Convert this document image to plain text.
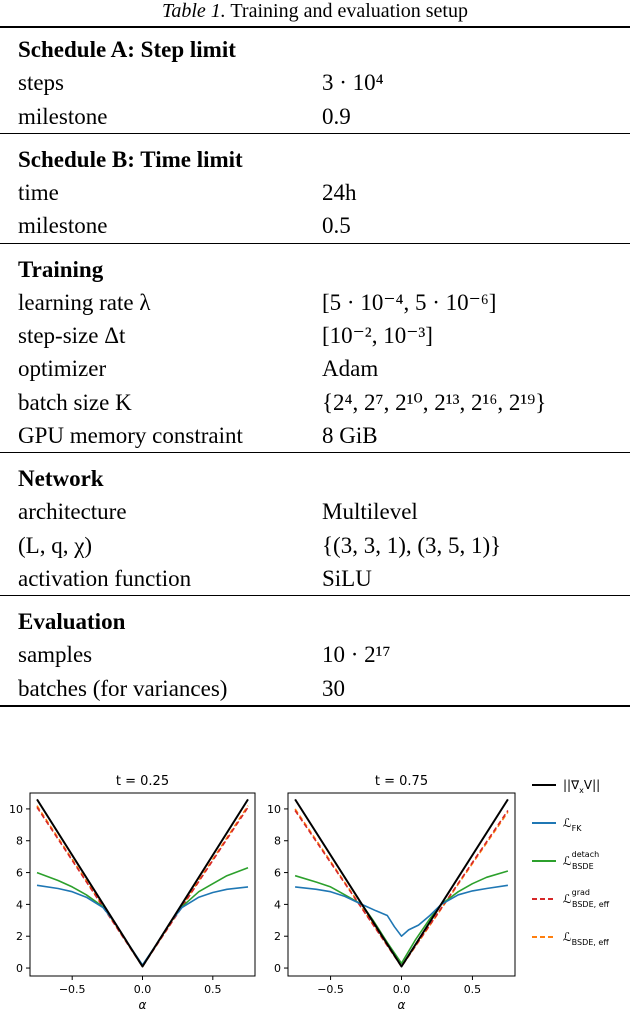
Table 1. Training and evaluation setup
Schedule A: Step limit
steps	3 · 10⁴
milestone	0.9
Schedule B: Time limit
time	24h
milestone	0.5
Training
learning rate λ	[5 · 10⁻⁴, 5 · 10⁻⁶]
step-size Δt	[10⁻², 10⁻³]
optimizer	Adam
batch size K	{2⁴, 2⁷, 2¹⁰, 2¹³, 2¹⁶, 2¹⁹}
GPU memory constraint	8 GiB
Network
architecture	Multilevel
(L, q, χ)	{(3, 3, 1), (3, 5, 1)}
activation function	SiLU
Evaluation
samples	10 · 2¹⁷
batches (for variances)	30
t = 0.25
0
2
4
6
8
10
−0.5	0.0	0.5
α
t = 0.75
0
2
4
6
8
10
−0.5	0.0	0.5
α
$||\nabla_xV||$
ℒ$_{FK}$
ℒ$^{detach}$ BSDE
ℒ$^{grad}$ BSDE, eff
ℒ$_{BSDE, eff}$
